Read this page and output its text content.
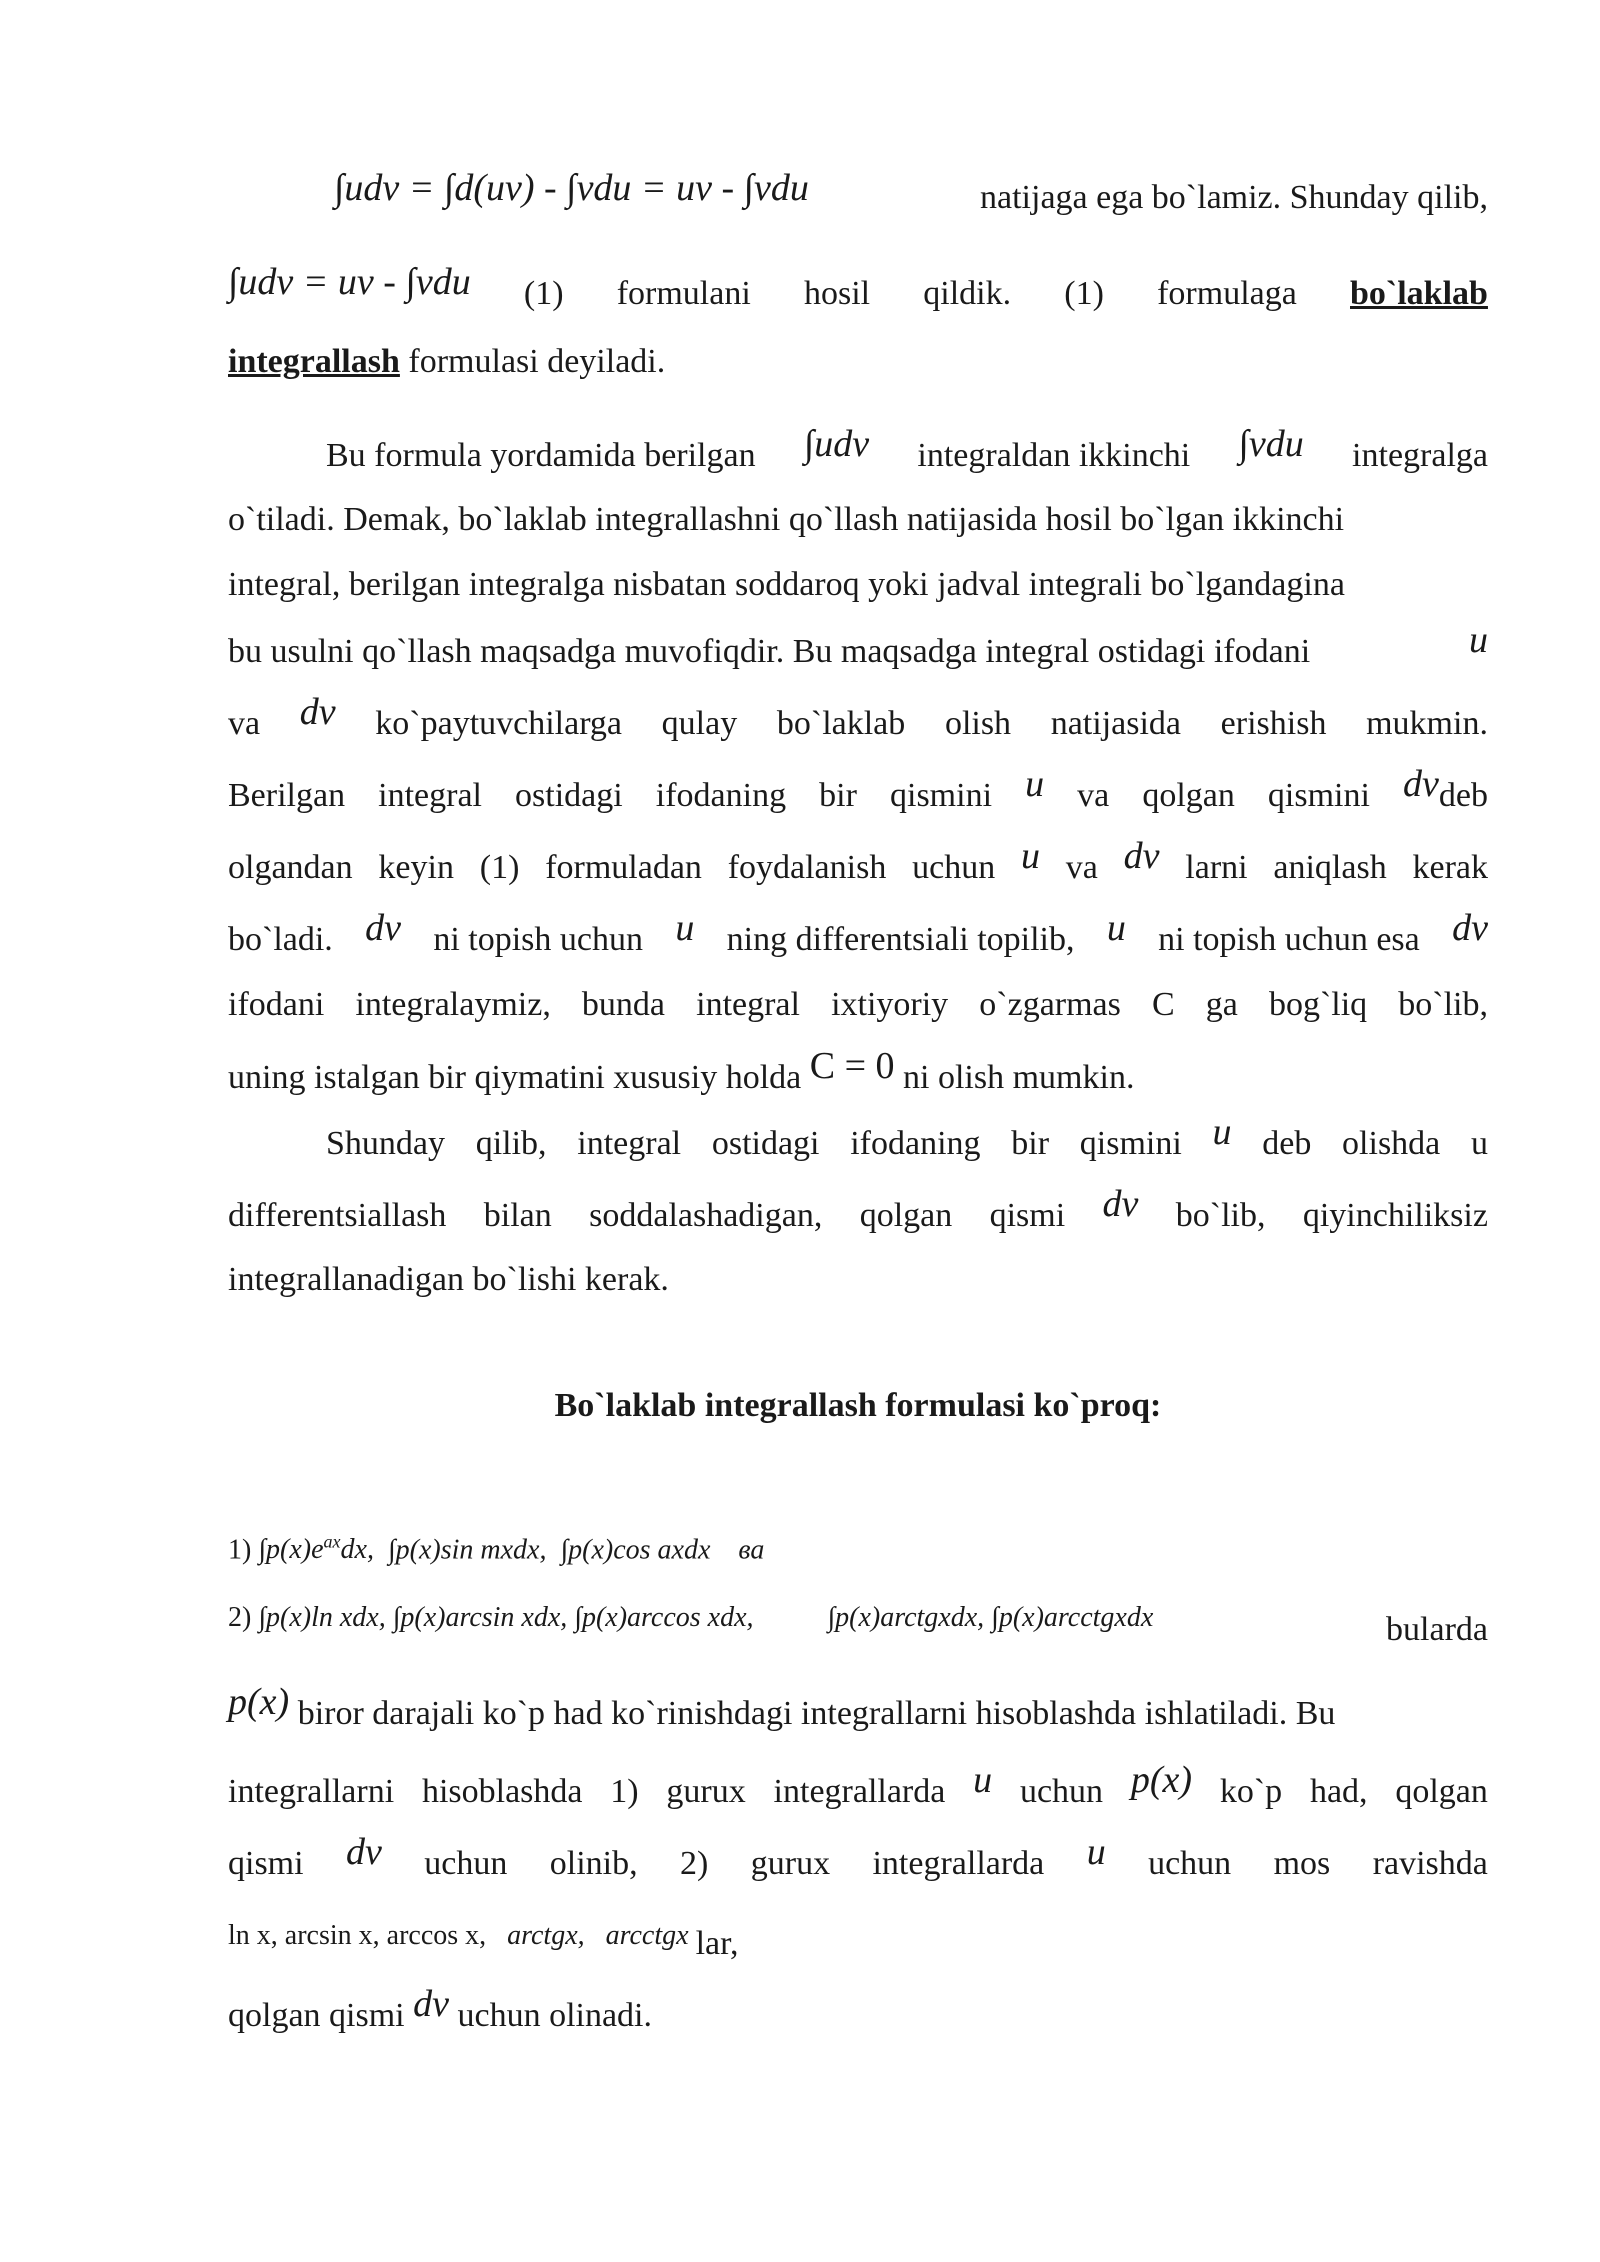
∫udv = ∫d(uv) - ∫vdu = uv - ∫vdu	natijaga ega bo`lamiz. Shunday qilib,
∫udv = uv - ∫vdu (1) formulani hosil qildik. (1) formulaga bo`laklab
integrallash formulasi deyiladi.
Bu formula yordamida berilgan ∫udv integraldan ikkinchi ∫vdu integralga
o`tiladi. Demak, bo`laklab integrallashni qo`llash natijasida hosil bo`lgan ikkinchi
integral, berilgan integralga nisbatan soddaroq yoki jadval integrali bo`lgandagina
bu usulni qo`llash maqsadga muvofiqdir. Bu maqsadga integral ostidagi ifodani	u
va dv ko`paytuvchilarga qulay bo`laklab olish natijasida erishish mukmin.
Berilgan integral ostidagi ifodaning bir qismini u va qolgan qismini dvdeb
olgandan keyin (1) formuladan foydalanish uchun u va dv larni aniqlash kerak
bo`ladi. dv ni topish uchun u ning differentsiali topilib, u ni topish uchun esa dv
ifodani integralaymiz, bunda integral ixtiyoriy o`zgarmas C ga bog`liq bo`lib,
uning istalgan bir qiymatini xususiy holda C = 0 ni olish mumkin.
Shunday qilib, integral ostidagi ifodaning bir qismini u deb olishda u
differentsiallash bilan soddalashadigan, qolgan qismi dv bo`lib, qiyinchiliksiz
integrallanadigan bo`lishi kerak.
Bo`laklab integrallash formulasi ko`proq:
1) $\int p(x)e^{ax}dx$, ∫p(x)sin mxdx, ∫p(x)cos axdx ва
2) ∫p(x)ln xdx, ∫p(x)arcsin xdx, ∫p(x)arccos xdx,	∫p(x)arctgxdx, ∫p(x)arcctgxdx	bularda
p(x) biror darajali ko`p had ko`rinishdagi integrallarni hisoblashda ishlatiladi. Bu
integrallarni hisoblashda 1) gurux integrallarda u uchun p(x) ko`p had, qolgan
qismi dv uchun olinib, 2) gurux integrallarda u uchun mos ravishda
ln x, arcsin x, arccos x, arctgx, arcctgx lar,
qolgan qismi dv uchun olinadi.
